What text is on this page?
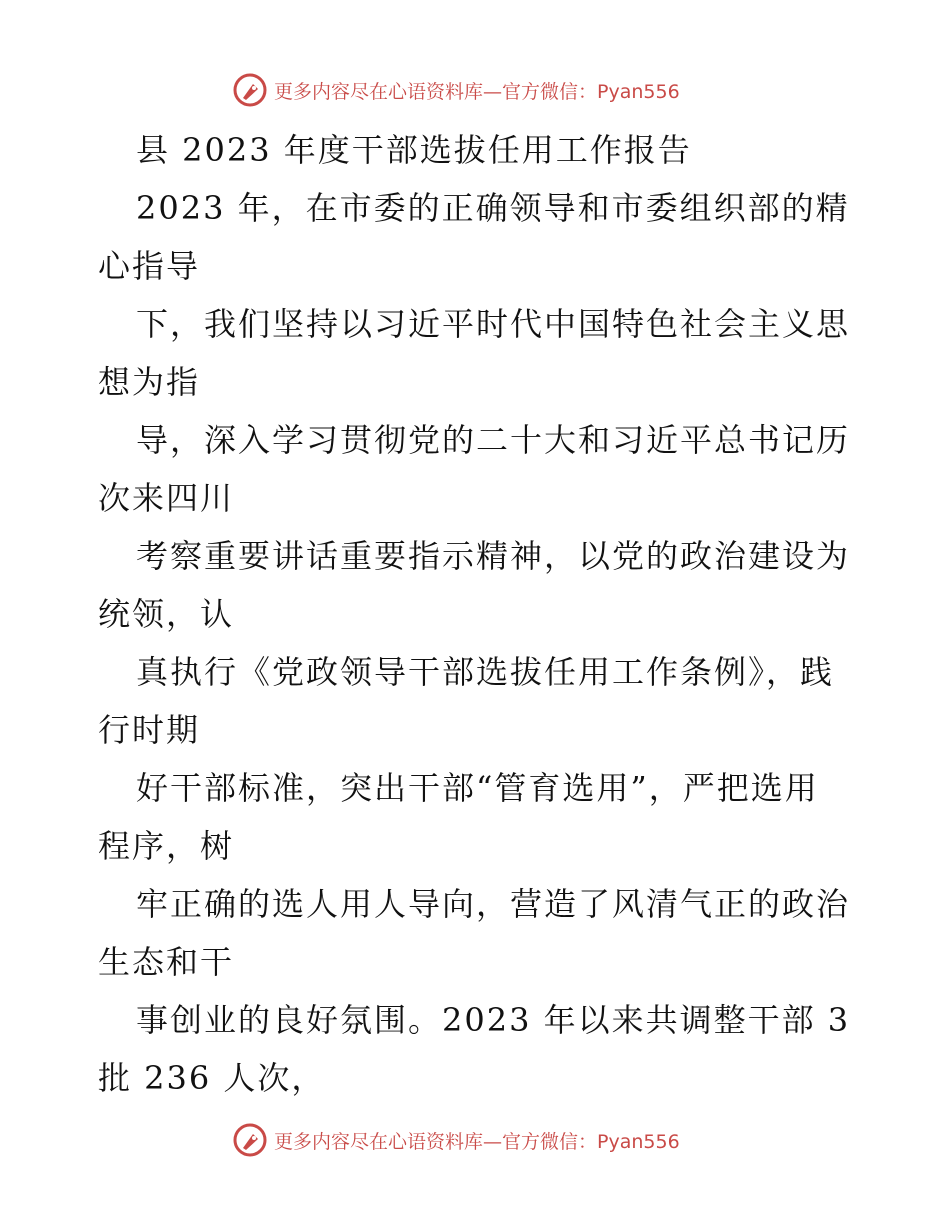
更多内容尽在心语资料库—官方微信：Pyan556
县 2023 年度干部选拔任用工作报告
2023 年，在市委的正确领导和市委组织部的精
心指导
下，我们坚持以习近平时代中国特色社会主义思
想为指
导，深入学习贯彻党的二十大和习近平总书记历
次来四川
考察重要讲话重要指示精神，以党的政治建设为
统领，认
真执行《党政领导干部选拔任用工作条例》，践
行时期
好干部标准，突出干部“管育选用”，严把选用
程序，树
牢正确的选人用人导向，营造了风清气正的政治
生态和干
事创业的良好氛围。2023 年以来共调整干部 3
批 236 人次，
更多内容尽在心语资料库—官方微信：Pyan556
